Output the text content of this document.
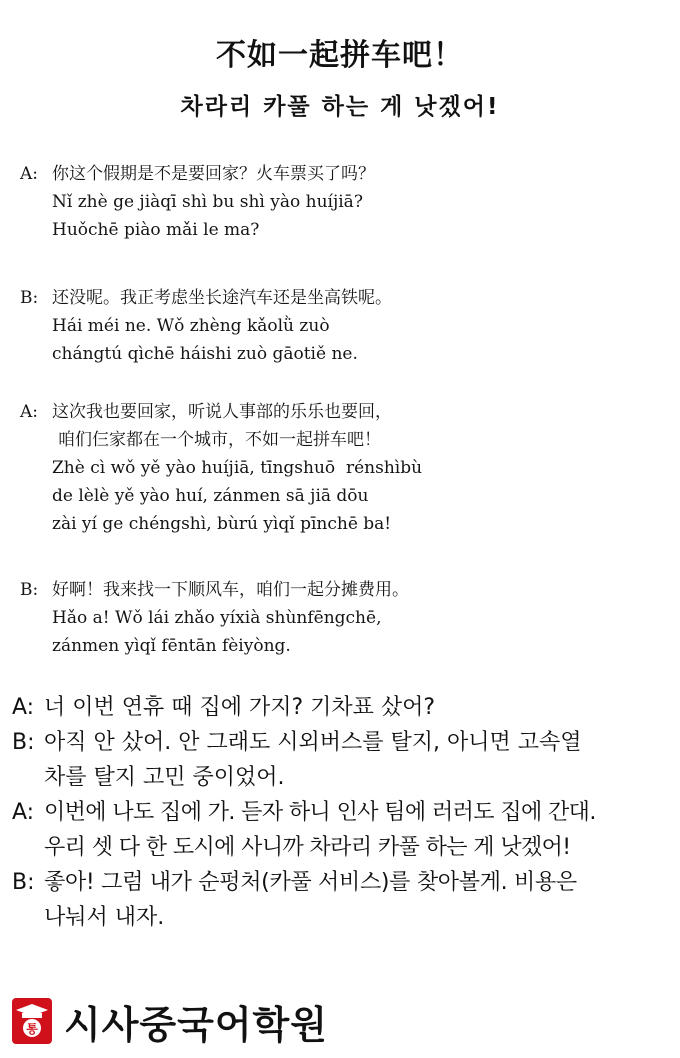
不如一起拼车吧！
차라리 카풀 하는 게 낫겠어!
A: 你这个假期是不是要回家？火车票买了吗？
Nǐ zhè ge jiàqī shì bu shì yào huíjiā?
Huǒchē piào mǎi le ma?
B: 还没呢。我正考虑坐长途汽车还是坐高铁呢。
Hái méi ne. Wǒ zhèng kǎolǜ zuò
chángtú qìchē háishi zuò gāotiě ne.
A: 这次我也要回家，听说人事部的乐乐也要回，
咱们仨家都在一个城市，不如一起拼车吧！
Zhè cì wǒ yě yào huíjiā, tīngshuō  rénshìbù
de lèlè yě yào huí, zánmen sā jiā dōu
zài yí ge chéngshì, bùrú yìqǐ pīnchē ba!
B: 好啊！我来找一下顺风车，咱们一起分摊费用。
Hǎo a! Wǒ lái zhǎo yíxià shùnfēngchē,
zánmen yìqǐ fēntān fèiyòng.
A: 너 이번 연휴 때 집에 가지? 기차표 샀어?
B: 아직 안 샀어. 안 그래도 시외버스를 탈지, 아니면 고속열
차를 탈지 고민 중이었어.
A: 이번에 나도 집에 가. 듣자 하니 인사 팀에 러러도 집에 간대.
우리 셋 다 한 도시에 사니까 차라리 카풀 하는 게 낫겠어!
B: 좋아! 그럼 내가 순펑처(카풀 서비스)를 찾아볼게. 비용은
나눠서 내자.
통 시사중국어학원
